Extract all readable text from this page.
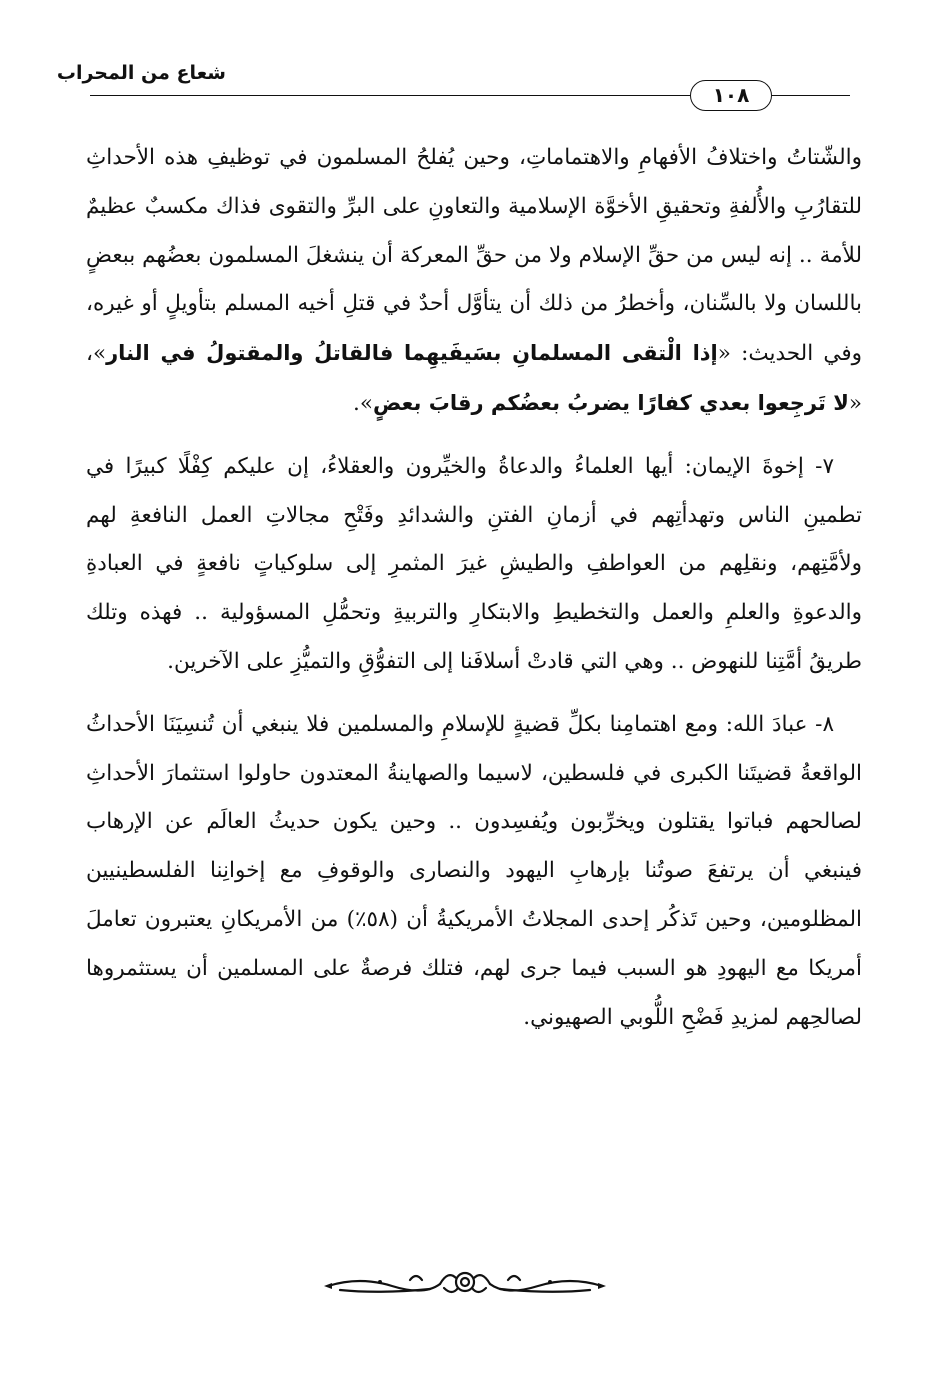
شعاع من المحراب
١٠٨

والشّتاتُ واختلافُ الأفهامِ والاهتماماتِ، وحين يُفلحُ المسلمون في توظيفِ هذه الأحداثِ للتقارُبِ والأُلفةِ وتحقيقِ الأخوَّة الإسلامية والتعاونِ على البرِّ والتقوى فذاك مكسبٌ عظيمٌ للأمة .. إنه ليس من حقِّ الإسلام ولا من حقِّ المعركة أن ينشغلَ المسلمون بعضُهم ببعضٍ باللسان ولا بالسِّنان، وأخطرُ من ذلك أن يتأوَّل أحدٌ في قتلِ أخيه المسلم بتأويلٍ أو غيره، وفي الحديث: «إذا الْتقى المسلمانِ بسَيفَيهِما فالقاتلُ والمقتولُ في النار»، «لا تَرجِعوا بعدي كفارًا يضربُ بعضُكم رقابَ بعضٍ».

٧- إخوةَ الإيمان: أيها العلماءُ والدعاةُ والخيِّرون والعقلاءُ، إن عليكم كِفْلًا كبيرًا في تطمينِ الناس وتهدأتِهم في أزمانِ الفتنِ والشدائدِ وفَتْحِ مجالاتِ العمل النافعةِ لهم ولأمَّتِهم، ونقلِهم من العواطفِ والطيشِ غيرَ المثمرِ إلى سلوكياتٍ نافعةٍ في العبادةِ والدعوةِ والعلمِ والعمل والتخطيطِ والابتكارِ والتربيةِ وتحمُّلِ المسؤولية .. فهذه وتلك طريقُ أمَّتِنا للنهوض .. وهي التي قادتْ أسلافَنا إلى التفوُّقِ والتميُّزِ على الآخرين.

٨- عبادَ الله: ومع اهتمامِنا بكلِّ قضيةٍ للإسلامِ والمسلمين فلا ينبغي أن تُنسِيَنَا الأحداثُ الواقعةُ قضيتَنا الكبرى في فلسطين، لاسيما والصهاينةُ المعتدون حاولوا استثمارَ الأحداثِ لصالحهم فباتوا يقتلون ويخرِّبون ويُفسِدون .. وحين يكون حديثُ العالَم عن الإرهاب فينبغي أن يرتفعَ صوتُنا بإرهابِ اليهود والنصارى والوقوفِ مع إخوانِنا الفلسطينيين المظلومين، وحين تَذكُر إحدى المجلاتُ الأمريكيةُ أن (٥٨٪) من الأمريكانِ يعتبرون تعاملَ أمريكا مع اليهودِ هو السبب فيما جرى لهم، فتلك فرصةٌ على المسلمين أن يستثمروها لصالحِهم لمزيدِ فَضْحِ اللُّوبي الصهيوني.
